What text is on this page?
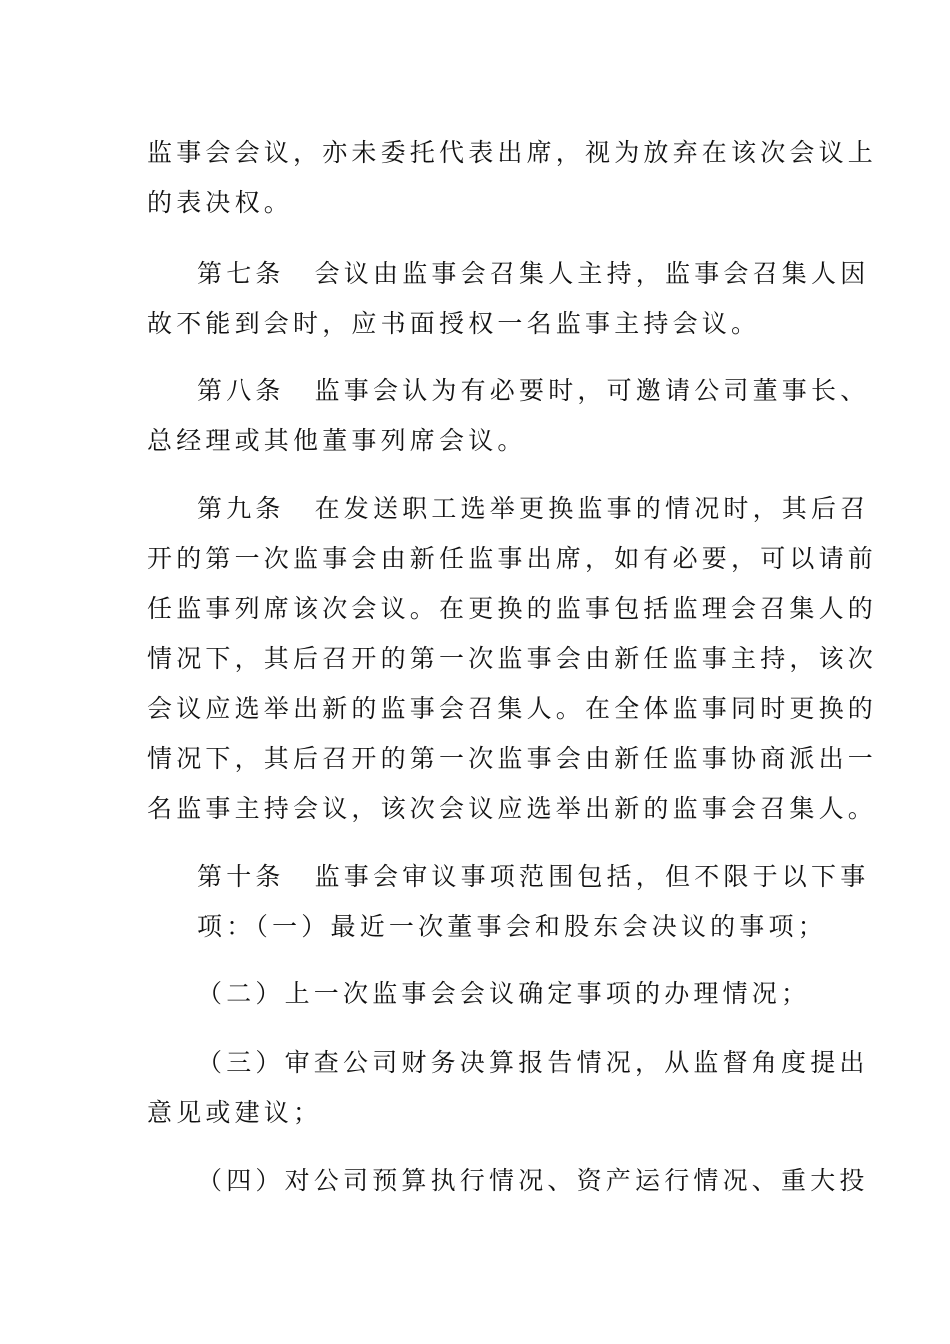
监事会会议，亦未委托代表出席，视为放弃在该次会议上
的表决权。
第七条 会议由监事会召集人主持，监事会召集人因
故不能到会时，应书面授权一名监事主持会议。
第八条 监事会认为有必要时，可邀请公司董事长、
总经理或其他董事列席会议。
第九条 在发送职工选举更换监事的情况时，其后召
开的第一次监事会由新任监事出席，如有必要，可以请前
任监事列席该次会议。在更换的监事包括监理会召集人的
情况下，其后召开的第一次监事会由新任监事主持，该次
会议应选举出新的监事会召集人。在全体监事同时更换的
情况下，其后召开的第一次监事会由新任监事协商派出一
名监事主持会议，该次会议应选举出新的监事会召集人。
第十条 监事会审议事项范围包括，但不限于以下事
项：（一）最近一次董事会和股东会决议的事项；
（二）上一次监事会会议确定事项的办理情况；
（三）审查公司财务决算报告情况，从监督角度提出
意见或建议；
（四）对公司预算执行情况、资产运行情况、重大投
